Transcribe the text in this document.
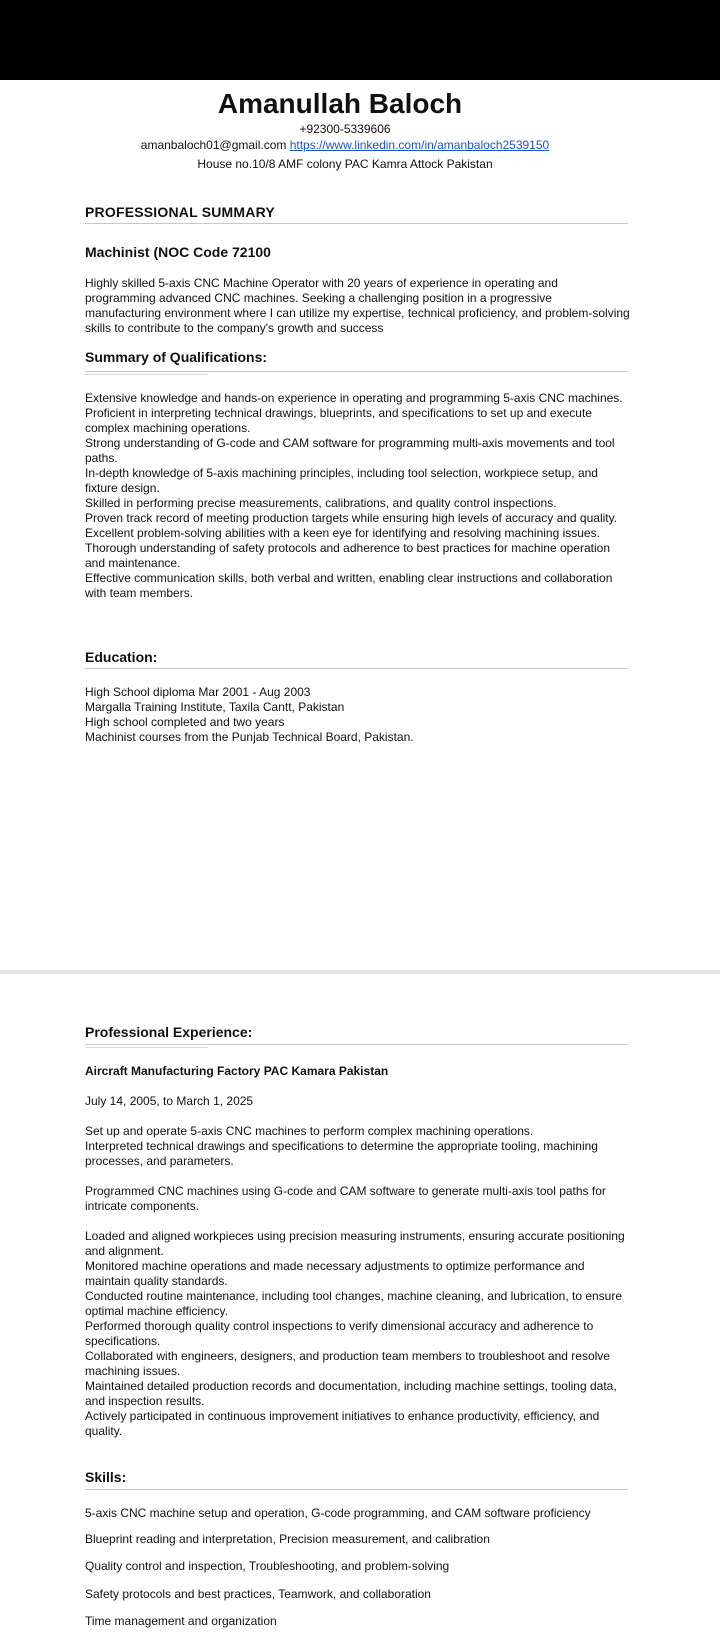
Amanullah Baloch
+92300-5339606
amanbaloch01@gmail.com https://www.linkedin.com/in/amanbaloch2539150
House no.10/8 AMF colony PAC Kamra Attock Pakistan
PROFESSIONAL SUMMARY
Machinist (NOC Code 72100
Highly skilled 5-axis CNC Machine Operator with 20 years of experience in operating and programming advanced CNC machines. Seeking a challenging position in a progressive manufacturing environment where I can utilize my expertise, technical proficiency, and problem-solving skills to contribute to the company's growth and success
Summary of Qualifications:
Extensive knowledge and hands-on experience in operating and programming 5-axis CNC machines.
Proficient in interpreting technical drawings, blueprints, and specifications to set up and execute complex machining operations.
Strong understanding of G-code and CAM software for programming multi-axis movements and tool paths.
In-depth knowledge of 5-axis machining principles, including tool selection, workpiece setup, and fixture design.
Skilled in performing precise measurements, calibrations, and quality control inspections.
Proven track record of meeting production targets while ensuring high levels of accuracy and quality.
Excellent problem-solving abilities with a keen eye for identifying and resolving machining issues.
Thorough understanding of safety protocols and adherence to best practices for machine operation and maintenance.
Effective communication skills, both verbal and written, enabling clear instructions and collaboration with team members.
Education:
High School diploma Mar 2001 - Aug 2003
Margalla Training Institute, Taxila Cantt, Pakistan
High school completed and two years
Machinist courses from the Punjab Technical Board, Pakistan.
Professional Experience:
Aircraft Manufacturing Factory PAC Kamara Pakistan
July 14, 2005, to March 1, 2025
Set up and operate 5-axis CNC machines to perform complex machining operations.
Interpreted technical drawings and specifications to determine the appropriate tooling, machining processes, and parameters.
Programmed CNC machines using G-code and CAM software to generate multi-axis tool paths for intricate components.
Loaded and aligned workpieces using precision measuring instruments, ensuring accurate positioning and alignment.
Monitored machine operations and made necessary adjustments to optimize performance and maintain quality standards.
Conducted routine maintenance, including tool changes, machine cleaning, and lubrication, to ensure optimal machine efficiency.
Performed thorough quality control inspections to verify dimensional accuracy and adherence to specifications.
Collaborated with engineers, designers, and production team members to troubleshoot and resolve machining issues.
Maintained detailed production records and documentation, including machine settings, tooling data, and inspection results.
Actively participated in continuous improvement initiatives to enhance productivity, efficiency, and quality.
Skills:
5-axis CNC machine setup and operation, G-code programming, and CAM software proficiency
Blueprint reading and interpretation, Precision measurement, and calibration
Quality control and inspection, Troubleshooting, and problem-solving
Safety protocols and best practices, Teamwork, and collaboration
Time management and organization
